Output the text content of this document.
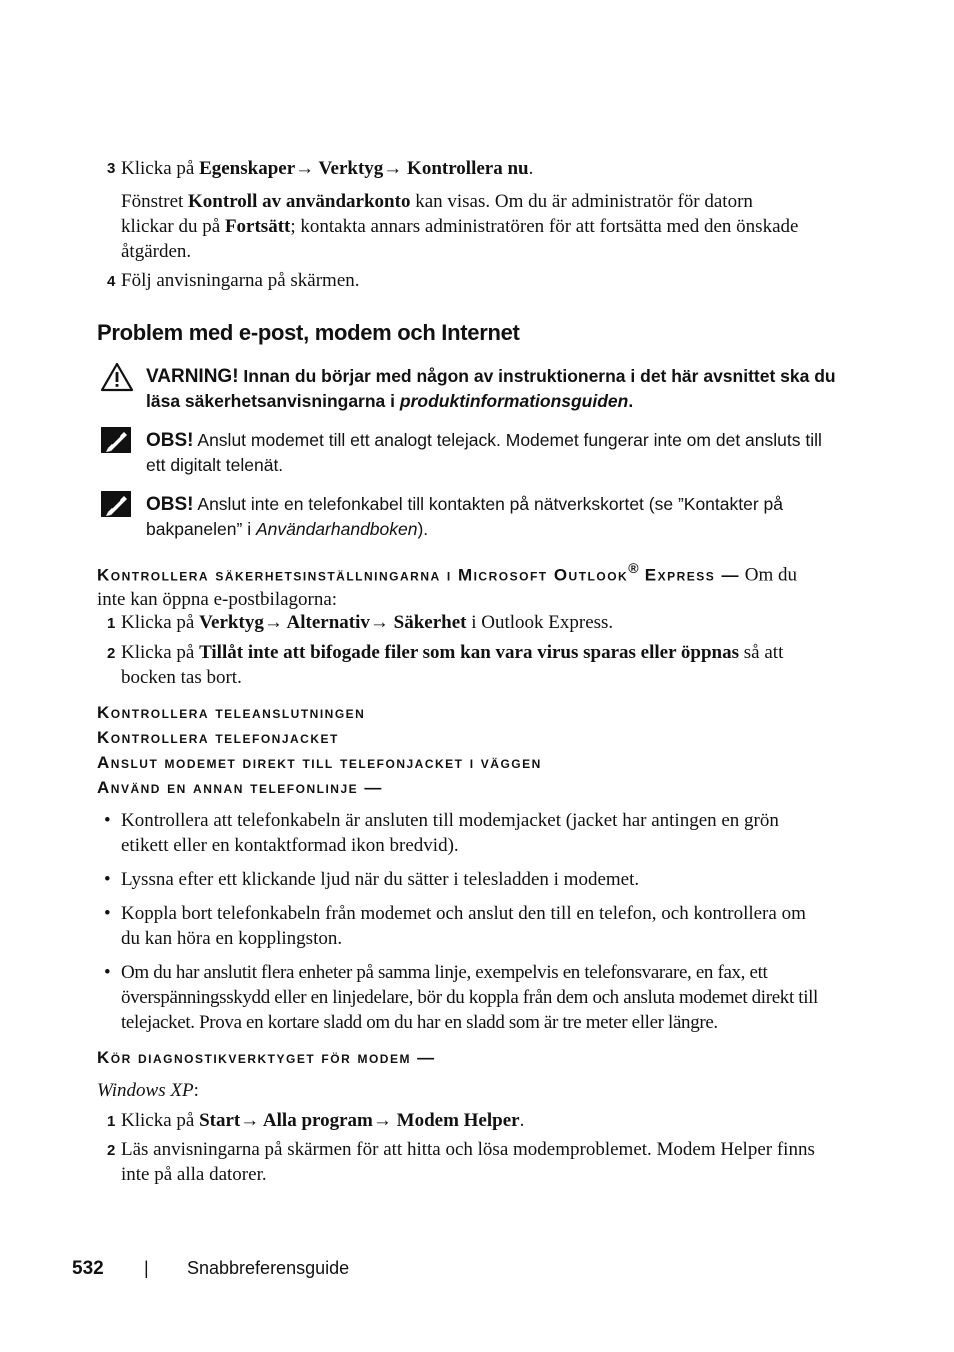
3 Klicka på Egenskaper→ Verktyg→ Kontrollera nu.
Fönstret Kontroll av användarkonto kan visas. Om du är administratör för datorn klickar du på Fortsätt; kontakta annars administratören för att fortsätta med den önskade åtgärden.
4 Följ anvisningarna på skärmen.
Problem med e-post, modem och Internet
VARNING! Innan du börjar med någon av instruktionerna i det här avsnittet ska du läsa säkerhetsanvisningarna i produktinformationsguiden.
OBS! Anslut modemet till ett analogt telejack. Modemet fungerar inte om det ansluts till ett digitalt telenät.
OBS! Anslut inte en telefonkabel till kontakten på nätverkskortet (se ”Kontakter på bakpanelen” i Användarhandboken).
Kontrollera säkerhetsinställningarna i Microsoft Outlook® Express — Om du inte kan öppna e-postbilagorna:
1 Klicka på Verktyg→ Alternativ→ Säkerhet i Outlook Express.
2 Klicka på Tillåt inte att bifogade filer som kan vara virus sparas eller öppnas så att bocken tas bort.
Kontrollera teleanslutningen
Kontrollera telefonjacket
Anslut modemet direkt till telefonjacket i väggen
Använd en annan telefonlinje —
• Kontrollera att telefonkabeln är ansluten till modemjacket (jacket har antingen en grön etikett eller en kontaktformad ikon bredvid).
• Lyssna efter ett klickande ljud när du sätter i telesladden i modemet.
• Koppla bort telefonkabeln från modemet och anslut den till en telefon, och kontrollera om du kan höra en kopplingston.
• Om du har anslutit flera enheter på samma linje, exempelvis en telefonsvarare, en fax, ett överspänningsskydd eller en linjedelare, bör du koppla från dem och ansluta modemet direkt till telejacket. Prova en kortare sladd om du har en sladd som är tre meter eller längre.
Kör diagnostikverktyget för modem —
Windows XP:
1 Klicka på Start→ Alla program→ Modem Helper.
2 Läs anvisningarna på skärmen för att hitta och lösa modemproblemet. Modem Helper finns inte på alla datorer.
532 | Snabbreferensguide
